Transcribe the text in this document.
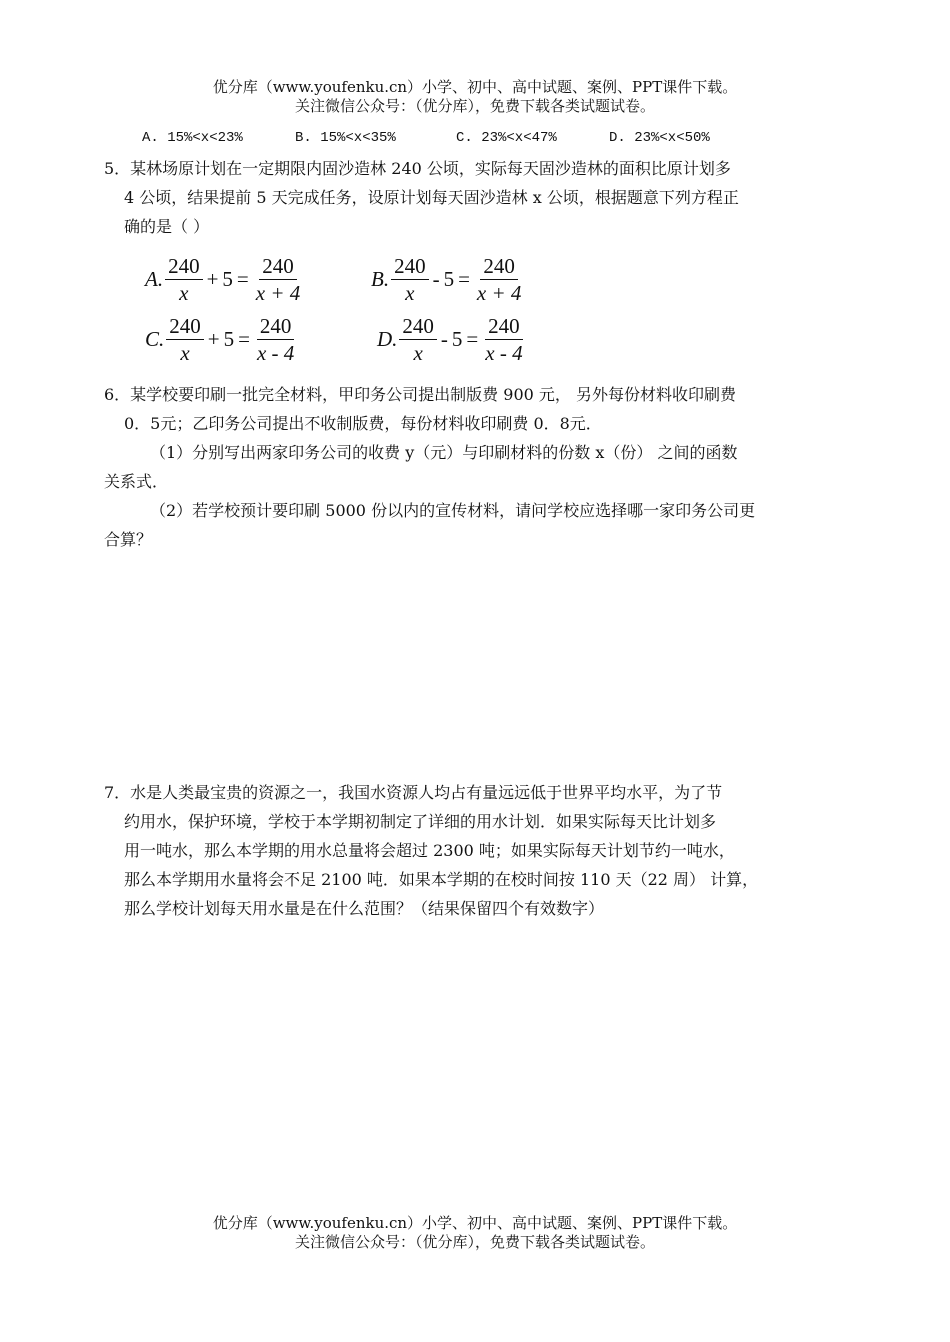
优分库（www.youfenku.cn）小学、初中、高中试题、案例、PPT课件下载。
关注微信公众号：（优分库），免费下载各类试题试卷。
A. 15%<x<23%	B. 15%<x<35%	C. 23%<x<47%	D. 23%<x<50%

5．某林场原计划在一定期限内固沙造林 240 公顷，实际每天固沙造林的面积比原计划多

4 公顷，结果提前 5 天完成任务，设原计划每天固沙造林 x 公顷，根据题意下列方程正

确的是（ ）

A. $\frac{240}{x} + 5 = \frac{240}{x + 4}$	B. $\frac{240}{x} - 5 = \frac{240}{x + 4}$
C. $\frac{240}{x} + 5 = \frac{240}{x - 4}$	D. $\frac{240}{x} - 5 = \frac{240}{x - 4}$

6．某学校要印刷一批完全材料，甲印务公司提出制版费 900 元， 另外每份材料收印刷费

0．5元；乙印务公司提出不收制版费，每份材料收印刷费 0．8元．

（1）分别写出两家印务公司的收费 y（元）与印刷材料的份数 x（份） 之间的函数

关系式．

（2）若学校预计要印刷 5000 份以内的宣传材料，请问学校应选择哪一家印务公司更

合算？

7．水是人类最宝贵的资源之一，我国水资源人均占有量远远低于世界平均水平，为了节

约用水，保护环境，学校于本学期初制定了详细的用水计划．如果实际每天比计划多

用一吨水，那么本学期的用水总量将会超过 2300 吨；如果实际每天计划节约一吨水，

那么本学期用水量将会不足 2100 吨．如果本学期的在校时间按 110 天（22 周） 计算，

那么学校计划每天用水量是在什么范围？（结果保留四个有效数字）

优分库（www.youfenku.cn）小学、初中、高中试题、案例、PPT课件下载。
关注微信公众号：（优分库），免费下载各类试题试卷。
